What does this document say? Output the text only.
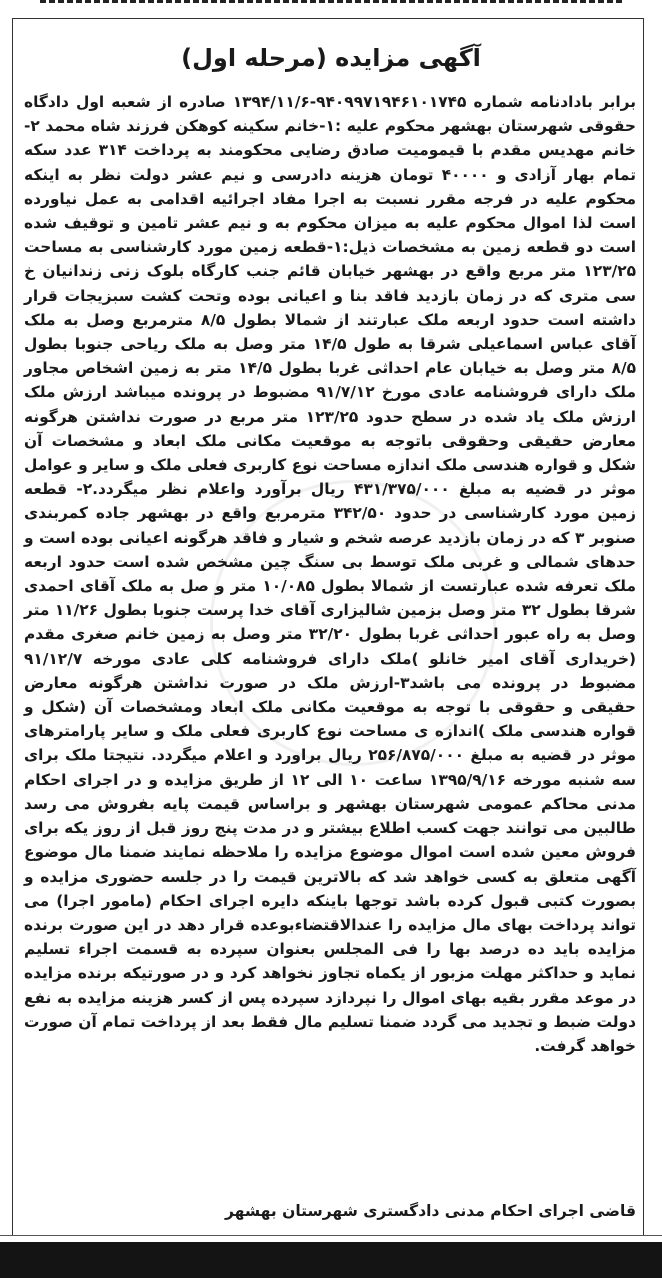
آگهی مزایده (مرحله اول)

برابر بادادنامه شماره ۹۴۰۹۹۷۱۹۴۶۱۰۱۷۴۵-۱۳۹۴/۱۱/۶ صادره از شعبه اول دادگاه حقوقی شهرستان بهشهر محکوم علیه :۱-خانم سکینه کوهکن فرزند شاه محمد ۲- خانم مهدیس مقدم با قیمومیت صادق رضایی محکومند به پرداخت ۳۱۴ عدد سکه تمام بهار آزادی و ۴۰۰۰۰ تومان هزینه دادرسی و نیم عشر دولت نظر به اینکه محکوم علیه در فرجه مقرر نسبت به اجرا مفاد اجرائیه اقدامی به عمل نیاورده است لذا اموال محکوم علیه به میزان محکوم به و نیم عشر تامین و توقیف شده است دو قطعه زمین به مشخصات ذیل:۱-قطعه زمین مورد کارشناسی به مساحت ۱۲۳/۲۵ متر مربع واقع در بهشهر خیابان قائم جنب کارگاه بلوک زنی زندانیان خ سی متری که در زمان بازدید فاقد بنا و اعیانی بوده وتحت کشت سبزیجات قرار داشته است حدود اربعه ملک عبارتند از شمالا بطول ۸/۵ مترمربع وصل به ملک آقای عباس اسماعیلی شرقا به طول ۱۴/۵ متر وصل به ملک ریاحی جنوبا بطول ۸/۵ متر وصل به خیابان عام احداثی غربا بطول ۱۴/۵ متر به زمین اشخاص مجاور ملک دارای فروشنامه عادی مورخ ۹۱/۷/۱۲ مضبوط در پرونده میباشد ارزش ملک ارزش ملک یاد شده در سطح حدود ۱۲۳/۲۵ متر مربع در صورت نداشتن هرگونه معارض حقیقی وحقوقی باتوجه به موقعیت مکانی ملک ابعاد و مشخصات آن شکل و قواره هندسی ملک اندازه مساحت نوع کاربری فعلی ملک و سایر و عوامل موثر در قضیه به مبلغ ۴۳۱/۳۷۵/۰۰۰ ریال برآورد واعلام نظر میگردد.۲- قطعه زمین مورد کارشناسی در حدود ۳۴۲/۵۰ مترمربع واقع در بهشهر جاده کمربندی صنوبر ۳ که در زمان بازدید عرصه شخم و شیار و فاقد هرگونه اعیانی بوده است و حدهای شمالی و غربی ملک توسط بی سنگ چین مشخص شده است حدود اربعه ملک تعرفه شده عبارتست از شمالا بطول ۱۰/۰۸۵ متر و صل به ملک آقای احمدی شرقا بطول ۳۲ متر وصل بزمین شالیزاری آقای خدا پرست جنوبا بطول ۱۱/۲۶ متر وصل به راه عبور احداثی غربا بطول ۳۲/۲۰ متر وصل به زمین خانم صغری مقدم (خریداری آقای امیر خانلو )ملک دارای فروشنامه کلی عادی مورخه ۹۱/۱۲/۷ مضبوط در پرونده می باشد۳-ارزش ملک در صورت نداشتن هرگونه معارض حقیقی و حقوقی با توجه به موقعیت مکانی ملک ابعاد ومشخصات آن (شکل و قواره هندسی ملک )اندازه ی مساحت نوع کاربری فعلی ملک و سایر پارامترهای موثر در قضیه به مبلغ ۲۵۶/۸۷۵/۰۰۰ ریال براورد و اعلام میگردد. نتیجتا ملک برای سه شنبه مورخه ۱۳۹۵/۹/۱۶ ساعت ۱۰ الی ۱۲ از طریق مزایده و در اجرای احکام مدنی محاکم عمومی شهرستان بهشهر و براساس قیمت پایه بفروش می رسد طالبین می توانند جهت کسب اطلاع بیشتر و در مدت پنج روز قبل از روز یکه برای فروش معین شده است اموال موضوع مزایده را ملاحظه نمایند ضمنا مال موضوع آگهی متعلق به کسی خواهد شد که بالاترین قیمت را در جلسه حضوری مزایده و بصورت کتبی قبول کرده باشد توجها باینکه دایره اجرای احکام (مامور اجرا) می تواند پرداخت بهای مال مزایده را عندالاقتضاءبوعده قرار دهد در این صورت برنده مزایده باید ده درصد بها را فی المجلس بعنوان سپرده به قسمت اجراء تسلیم نماید و حداکثر مهلت مزبور از یکماه تجاوز نخواهد کرد و در صورتیکه برنده مزایده در موعد مقرر بقیه بهای اموال را نپردازد سپرده پس از کسر هزینه مزایده به نفع دولت ضبط و تجدید می گردد ضمنا تسلیم مال فقط بعد از پرداخت تمام آن صورت خواهد گرفت.

قاضی اجرای احکام مدنی دادگستری شهرستان بهشهر
